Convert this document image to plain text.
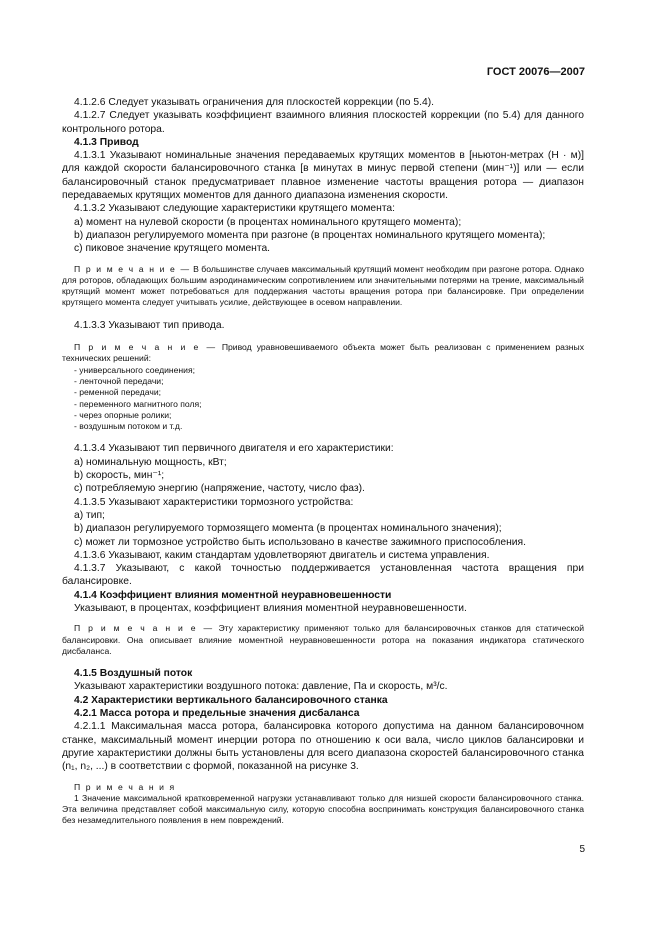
ГОСТ 20076—2007

4.1.2.6 Следует указывать ограничения для плоскостей коррекции (по 5.4).

4.1.2.7 Следует указывать коэффициент взаимного влияния плоскостей коррекции (по 5.4) для данного контрольного ротора.

4.1.3 Привод

4.1.3.1 Указывают номинальные значения передаваемых крутящих моментов в [ньютон-метрах (Н · м)] для каждой скорости балансировочного станка [в минутах в минус первой степени (мин⁻¹)] или — если балансировочный станок предусматривает плавное изменение частоты вращения ротора — диапазон передаваемых крутящих моментов для данного диапазона изменения скорости.

4.1.3.2 Указывают следующие характеристики крутящего момента:

a) момент на нулевой скорости (в процентах номинального крутящего момента);

b) диапазон регулируемого момента при разгоне (в процентах номинального крутящего момента);

c) пиковое значение крутящего момента.

П р и м е ч а н и е — В большинстве случаев максимальный крутящий момент необходим при разгоне ротора. Однако для роторов, обладающих большим аэродинамическим сопротивлением или значительными потерями на трение, максимальный крутящий момент может потребоваться для поддержания частоты вращения ротора при балансировке. При определении крутящего момента следует учитывать усилие, действующее в осевом направлении.

4.1.3.3 Указывают тип привода.

П р и м е ч а н и е — Привод уравновешиваемого объекта может быть реализован с применением разных технических решений:

- универсального соединения;

- ленточной передачи;

- ременной передачи;

- переменного магнитного поля;

- через опорные ролики;

- воздушным потоком и т.д.

4.1.3.4 Указывают тип первичного двигателя и его характеристики:

a) номинальную мощность, кВт;

b) скорость, мин⁻¹;

c) потребляемую энергию (напряжение, частоту, число фаз).

4.1.3.5 Указывают характеристики тормозного устройства:

a) тип;

b) диапазон регулируемого тормозящего момента (в процентах номинального значения);

c) может ли тормозное устройство быть использовано в качестве зажимного приспособления.

4.1.3.6 Указывают, каким стандартам удовлетворяют двигатель и система управления.

4.1.3.7 Указывают, с какой точностью поддерживается установленная частота вращения при балансировке.

4.1.4 Коэффициент влияния моментной неуравновешенности

Указывают, в процентах, коэффициент влияния моментной неуравновешенности.

П р и м е ч а н и е — Эту характеристику применяют только для балансировочных станков для статической балансировки. Она описывает влияние моментной неуравновешенности ротора на показания индикатора статического дисбаланса.

4.1.5 Воздушный поток

Указывают характеристики воздушного потока: давление, Па и скорость, м³/с.

4.2 Характеристики вертикального балансировочного станка

4.2.1 Масса ротора и предельные значения дисбаланса

4.2.1.1 Максимальная масса ротора, балансировка которого допустима на данном балансировочном станке, максимальный момент инерции ротора по отношению к оси вала, число циклов балансировки и другие характеристики должны быть установлены для всего диапазона скоростей балансировочного станка (n₁, n₂, ...) в соответствии с формой, показанной на рисунке 3.

П р и м е ч а н и я

1 Значение максимальной кратковременной нагрузки устанавливают только для низшей скорости балансировочного станка. Эта величина представляет собой максимальную силу, которую способна воспринимать конструкция балансировочного станка без незамедлительного появления в нем повреждений.

5
